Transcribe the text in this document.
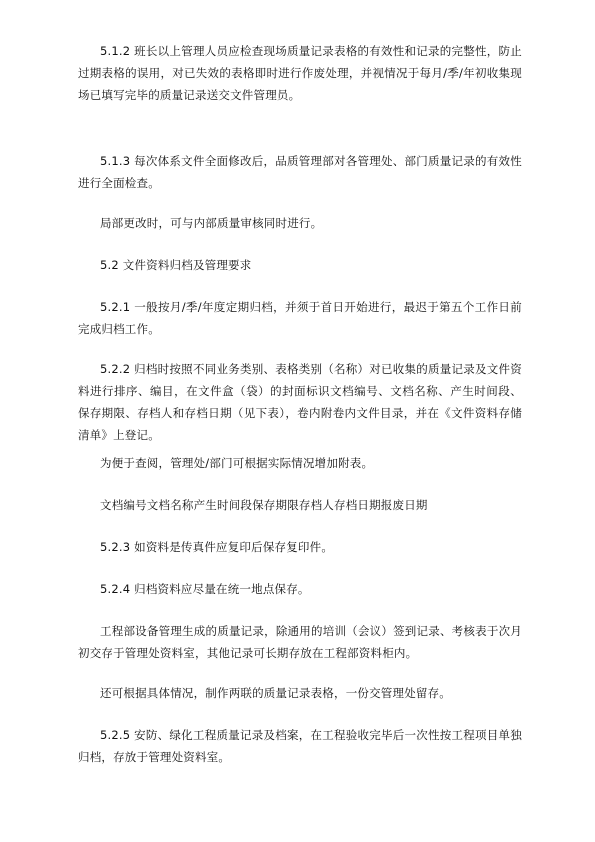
5.1.2 班长以上管理人员应检查现场质量记录表格的有效性和记录的完整性，防止过期表格的误用，对已失效的表格即时进行作废处理，并视情况于每月/季/年初收集现场已填写完毕的质量记录送交文件管理员。

5.1.3 每次体系文件全面修改后，品质管理部对各管理处、部门质量记录的有效性进行全面检查。

局部更改时，可与内部质量审核同时进行。

5.2 文件资料归档及管理要求

5.2.1 一般按月/季/年度定期归档，并须于首日开始进行，最迟于第五个工作日前完成归档工作。

5.2.2 归档时按照不同业务类别、表格类别（名称）对已收集的质量记录及文件资料进行排序、编目，在文件盒（袋）的封面标识文档编号、文档名称、产生时间段、保存期限、存档人和存档日期（见下表），卷内附卷内文件目录，并在《文件资料存储清单》上登记。

为便于查阅，管理处/部门可根据实际情况增加附表。

文档编号文档名称产生时间段保存期限存档人存档日期报废日期

5.2.3 如资料是传真件应复印后保存复印件。

5.2.4 归档资料应尽量在统一地点保存。

工程部设备管理生成的质量记录，除通用的培训（会议）签到记录、考核表于次月初交存于管理处资料室，其他记录可长期存放在工程部资料柜内。

还可根据具体情况，制作两联的质量记录表格，一份交管理处留存。

5.2.5 安防、绿化工程质量记录及档案，在工程验收完毕后一次性按工程项目单独归档，存放于管理处资料室。
